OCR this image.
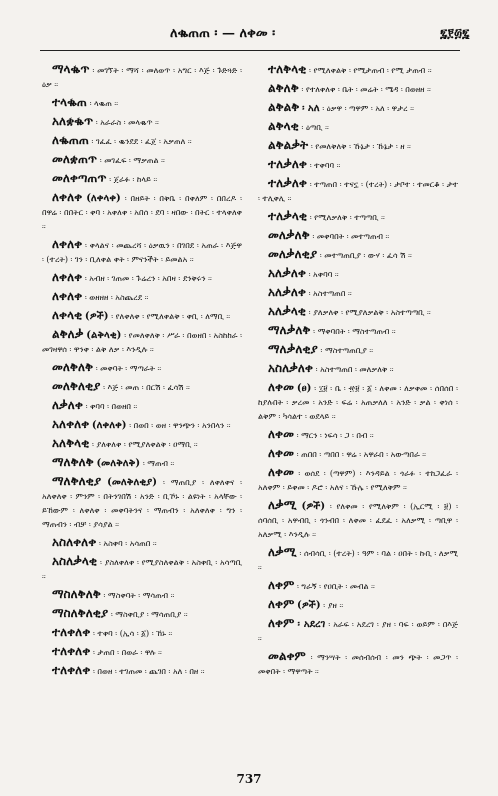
ለቈጠጠ ፡ — ለቀመ ፡	፯፻፴፯

ማላቈጥ ፡ መገኘት ፡ ማሻ ፡ መለወጥ ፡ አግር ፡ እጅ ፡ ጉድጓድ ፡ ዕቃ ።

ተላቈጠ ፡ ላቈጠ ።

አለቋቈጥ ፡ አራራስ ፡ መላቈጥ ።

ለቈጠጠ ፡ ገፈፈ ፡ ቈንደደ ፡ ፈጀ ፡ አቃጠለ ።

መለቋጠጥ ፡ መገፈፍ ፡ ማቃጠል ።

መለቀጣጠጥ ፡ ጀራፉ ፡ ከላይ ።

ለቀለቀ (ለቀላቀ) ፡ በዘይት ፡ በቅቤ ፡ በቀለም ፡ በበረዶ ፡ በዋሬ ፡ በበትር ፡ ቀባ ፡ አቀለቀ ፡ አበሰ ፡ ደባ ፡ ዛበው ፡ በትር ፡ ተላቀለቀ ።

ለቀለቀ ፡ ቀላልና ፡ መጨረሻ ፡ ዕቃዉን ፡ በገበደ ፡ አጠራ ፡ እጅዋ ፡ (ተረት) ፡ ገን ፡ ቢለቀል ቀት ፡ ምናንችት ፡ ይመልአ ።

ለቀለቀ ፡ አብዘ ፡ ገጠመ ፡ ጉሬረን ፡ አበዛ ፡ ደንቅሩን ።

ለቀለቀ ፡ ወዘዘዘ ፡ አስጨረደ ።

ለቀላቂ (ዎች) ፡ የለቀለቀ ፡ የሚለቀልቅ ፡ ቀቢ ፡ ለማቢ ።

ልቅለቃ (ልቅላቂ) ፡ የመለቀለቅ ፡ ሥራ ፡ በወዘበ ፡ አስከከራ ፡ መገዛዋሰ ፡ ዋንቀ ፡ ልቅ ለቃ ፡ እንዲሉ ።

መለቅለቅ ፡ መቀባት ፡ ማጣራት ።

መለቅለቂያ ፡ እጅ ፡ መጠ ፡ በርሽ ፡ ፈሳሽ ።

ለቃለቀ ፡ ቀባባ ፡ በወዘበ ።

አለቀለቀ (ለቀለቀ) ፡ በወበ ፡ ወዘ ፡ ዋንጭን ፡ አንበላን ።

አለቅላቂ ፡ ያለቀለቀ ፡ የሚያለቀልቅ ፡ ዐማቢ ።

ማለቅለቅ (መለቅለቅ) ፡ ማጠብ ።

ማለቅለቂያ (መለቅለቂያ) ፡ ማጠቢያ ፡ ለቀለቀና ፡ አለቀለቀ ፡ ምንም ፡ በትንገበሽ ፡ አንድ ፡ ቢኾኑ ፡ ልዩነት ፡ አላቸው ፡ ይኸውም ፡ ለቀለቀ ፡ መቀባትንና ፡ ማጠብን ፡ አለቀለቀ ፡ ግን ፡ ማጠብን ፡ ብቻ ፡ ያሳያል ።

አስለቀለቀ ፡ አስቀባ ፡ አሳጠበ ።

አስለቃላቂ ፡ ያስለቀለቀ ፡ የሚያስለቀልቅ ፡ አስቀቢ ፡ አሳጣቢ ።

ማስለቅለቅ ፡ ማስቀባት ፡ ማሳጠብ ።

ማስለቅለቂያ ፡ ማስቀቢያ ፡ ማሳጠቢያ ።

ተለቀለቀ ፡ ተቀባ ፡ (ኢሳ ፡ ፩) ፡ ኸኑ ።

ተለቀለቀ ፡ ታጠበ ፡ በወራ ፡ ዋሉ ።

ተለቀለቀ ፡ በወዘ ፡ ተገጠመ ፡ ጨገበ ፡ አለ ፡ በዘ ።

ተለቅላቂ ፡ የሚለቀልቅ ፡ የሚታጠብ ፡ የሚ ታጠብ ።

ልቅለቅ ፡ የተለቀለቀ ፡ ቤት ፡ መሬት ፡ ሜዳ ፡ በወዘዘ ።

ልቅልቅ ፡ አለ ፡ ዕቃዋ ፡ ጣዋም ፡ አለ ፡ ዋታረ ።

ልቅላቂ ፡ ዕጣቢ ።

ልቅልቃት ፡ የመለቅለቅ ፡ ኹኔታ ፡ ኹኔታ ፡ ዘ ።

ተለቃለቀ ፡ ተቀባባ ።

ተለቃለቀ ፡ ተጣጠበ ፡ ተናኗ ፡ (ተረት) ፡ ታቦተ ፡ ተመርቆ ፡ ታተ ፡ ተሊቀሊ ።

ተለቃላቂ ፡ የሚለቃለቅ ፡ ተጣጣቢ ።

መለቃለቅ ፡ መቀባበት ፡ መተጣጠብ ።

መለቃለቂያ ፡ መተጣጠቢያ ፡ ውሃ ፡ ፈሳ ሽ ።

አለቃለቀ ፡ አቀባባ ።

አለቃለቀ ፡ አስተጣጠበ ።

አለቃላቂ ፡ ያለቃለቀ ፡ የሚያለቃልቅ ፡ አስተጣጣቢ ።

ማለቃለቅ ፡ ማቀባበት ፡ ማስተጣጠብ ።

ማለቃለቂያ ፡ ማስተጣጠቢያ ።

አስለቃለቀ ፡ አስተጣጠበ ፡ መለቃለቅ ።

ለቀመ (ፀ) ፡ ፲፱ ፡ ቤ ፡ ፹፱ ፡ ፩ ፡ ለቀመ ፡ ለቃቀመ ፡ ሰበሰበ ፡ ከያሉበት ፡ ቃረመ ፡ አንድ ፡ ፍሬ ፡ አጠቃለለ ፡ አንድ ፡ ቃል ፡ ቀነሰ ፡ ልቅም ፡ ካሳልተ ፡ ወደላይ ።

ለቀመ ፡ ማርን ፡ ነፍሳ ፡ ጋ ፡ በብ ።

ለቀመ ፡ ጠበበ ፡ ጣበበ ፡ ዋሬ ፡ አዋራበ ፡ አውጣበራ ።

ለቀመ ፡ ወሰደ ፡ (ጣዋም) ፡ እንዳይል ፡ ጎራፉ ፡ ተከጋፈራ ፡ አለቀም ፡ ይቀመ ፡ ዶሮ ፡ አለና ፡ ኹሌ ፡ የሚለቅም ።

ለቃሚ (ዎች) ፡ የለቀመ ፡ የሚለቅም ፡ (ኢርሚ ፡ ፱) ፡ ሰባሰቢ ፡ አዋብቢ ፡ ጎንብበ ፡ ለቀመ ፡ ፈደፈ ፡ አለቃሚ ፡ ጣቢዋ ፡ አለቃሚ ፡ እንዲሉ ።

ለቃሚ ፡ ሰብሳቢ ፡ (ተረት) ፡ ዓም ፡ ባል ፡ ዐበት ፡ ኩቢ ፡ ለቃሚ ።

ለቀም ፡ ግራኝ ፡ የዐቢት ፡ መብል ።

ለቀም (ዎች) ፡ ያዘ ።

ለቀም ፡ አደረገ ፡ አራፍ ፡ አደረገ ፡ ያዘ ፡ ባፍ ፡ ወይም ፡ በእጅ ።

መልቀም ፡ ማንሣት ፡ መሰብሰብ ፡ መን ጭት ፡ መጋጥ ፡ መቀበት ፡ ማዋጣት ።

737
